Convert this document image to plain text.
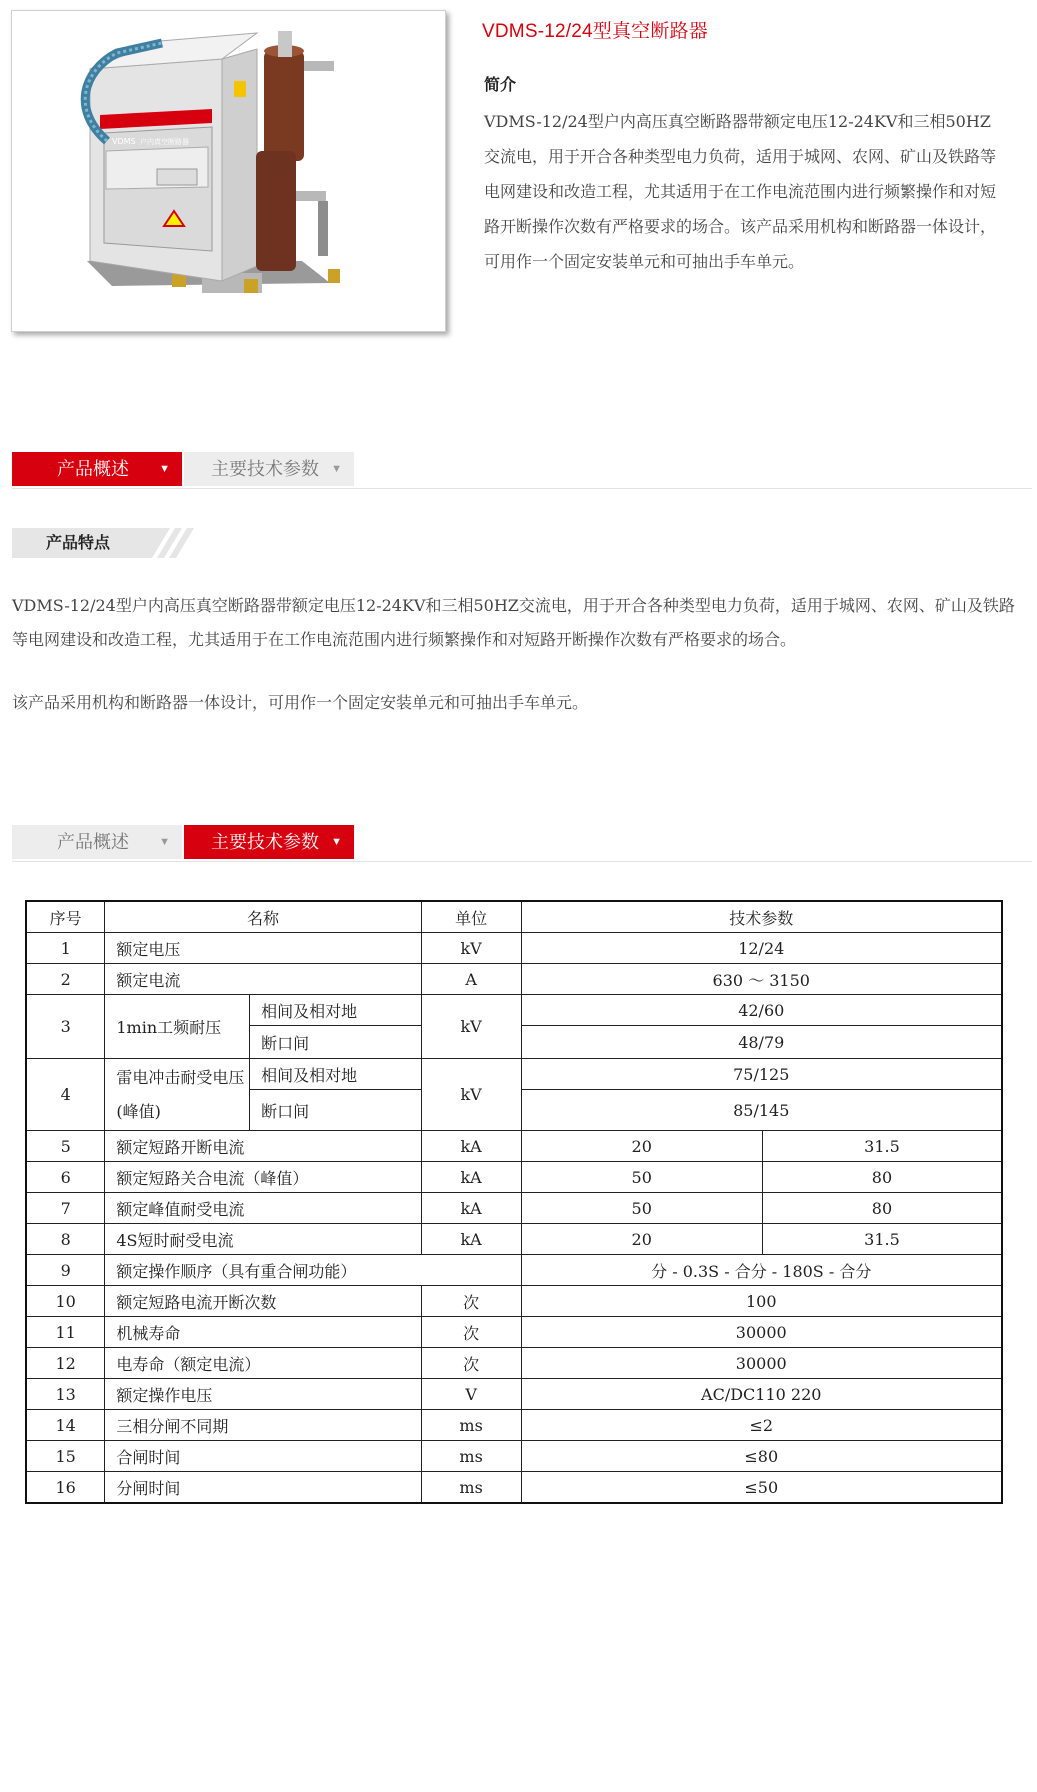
VDMS 户内真空断路器
VDMS-12/24型真空断路器
简介
VDMS-12/24型户内高压真空断路器带额定电压12-24KV和三相50HZ交流电，用于开合各种类型电力负荷，适用于城网、农网、矿山及铁路等电网建设和改造工程，尤其适用于在工作电流范围内进行频繁操作和对短路开断操作次数有严格要求的场合。该产品采用机构和断路器一体设计，可用作一个固定安装单元和可抽出手车单元。
产品概述	▼	主要技术参数 ▼
产品特点
VDMS-12/24型户内高压真空断路器带额定电压12-24KV和三相50HZ交流电，用于开合各种类型电力负荷，适用于城网、农网、矿山及铁路等电网建设和改造工程，尤其适用于在工作电流范围内进行频繁操作和对短路开断操作次数有严格要求的场合。
该产品采用机构和断路器一体设计，可用作一个固定安装单元和可抽出手车单元。
产品概述	▼	主要技术参数 ▼
序号	名称		单位	技术参数	
1	额定电压		kV	12/24	
2	额定电流		A	630 ～ 3150	
3	1min工频耐压	相间及相对地	kV	42/60	
		断口间		48/79	
4	雷电冲击耐受电压(峰值)	相间及相对地	kV	75/125	
		断口间		85/145	
5	额定短路开断电流		kA	20	31.5
6	额定短路关合电流（峰值）		kA	50	80
7	额定峰值耐受电流		kA	50	80
8	4S短时耐受电流		kA	20	31.5
9	额定操作顺序（具有重合闸功能）			分 - 0.3S - 合分 - 180S - 合分	
10	额定短路电流开断次数		次	100	
11	机械寿命		次	30000	
12	电寿命（额定电流）		次	30000	
13	额定操作电压		V	AC/DC110 220	
14	三相分闸不同期		ms	≤2	
15	合闸时间		ms	≤80	
16	分闸时间		ms	≤50	
